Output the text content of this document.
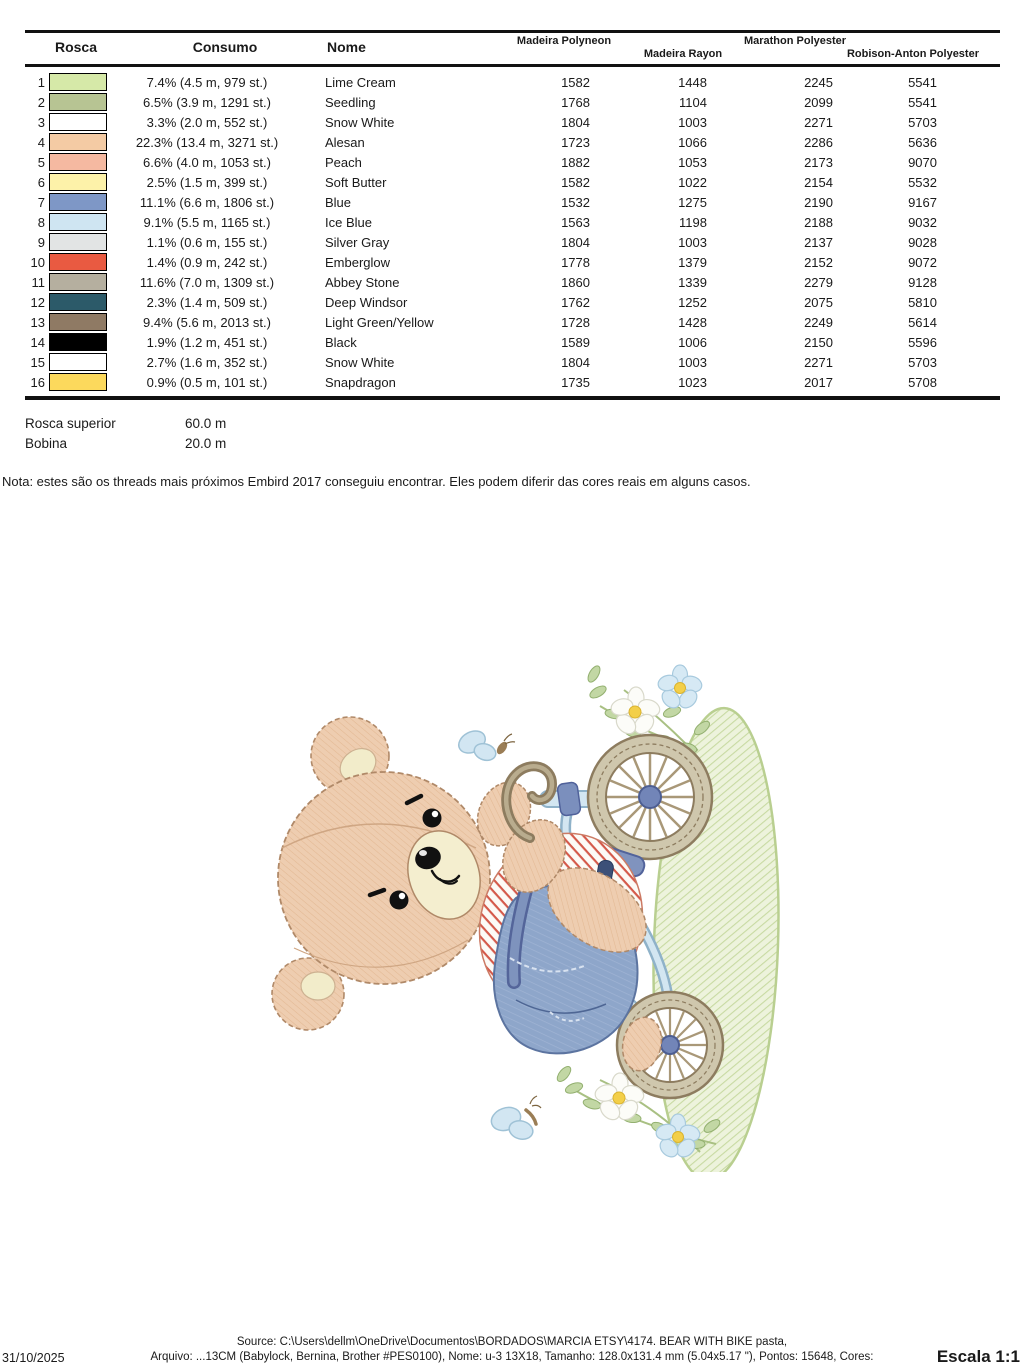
Rosca	Consumo	Nome	Madeira Polyneon
Madeira Rayon
Marathon Polyester
Robison-Anton Polyester
1	7.4% (4.5 m, 979 st.)	Lime Cream	1582	1448	2245	5541
2	6.5% (3.9 m, 1291 st.)	Seedling	1768	1104	2099	5541
3	3.3% (2.0 m, 552 st.)	Snow White	1804	1003	2271	5703
4	22.3% (13.4 m, 3271 st.)	Alesan	1723	1066	2286	5636
5	6.6% (4.0 m, 1053 st.)	Peach	1882	1053	2173	9070
6	2.5% (1.5 m, 399 st.)	Soft Butter	1582	1022	2154	5532
7	11.1% (6.6 m, 1806 st.)	Blue	1532	1275	2190	9167
8	9.1% (5.5 m, 1165 st.)	Ice Blue	1563	1198	2188	9032
9	1.1% (0.6 m, 155 st.)	Silver Gray	1804	1003	2137	9028
10	1.4% (0.9 m, 242 st.)	Emberglow	1778	1379	2152	9072
11	11.6% (7.0 m, 1309 st.)	Abbey Stone	1860	1339	2279	9128
12	2.3% (1.4 m, 509 st.)	Deep Windsor	1762	1252	2075	5810
13	9.4% (5.6 m, 2013 st.)	Light Green/Yellow	1728	1428	2249	5614
14	1.9% (1.2 m, 451 st.)	Black	1589	1006	2150	5596
15	2.7% (1.6 m, 352 st.)	Snow White	1804	1003	2271	5703
16	0.9% (0.5 m, 101 st.)	Snapdragon	1735	1023	2017	5708
Rosca superior	60.0 m
Bobina	20.0 m
Nota: estes são os threads mais próximos Embird 2017 conseguiu encontrar. Eles podem diferir das cores reais em alguns casos.
Source: C:\Users\dellm\OneDrive\Documentos\BORDADOS\MARCIA ETSY\4174. BEAR WITH BIKE pasta,
31/10/2025	Arquivo: ...13CM (Babylock, Bernina, Brother #PES0100), Nome: u-3 13X18, Tamanho: 128.0x131.4 mm (5.04x5.17 "), Pontos: 15648, Cores:	Escala 1:1
